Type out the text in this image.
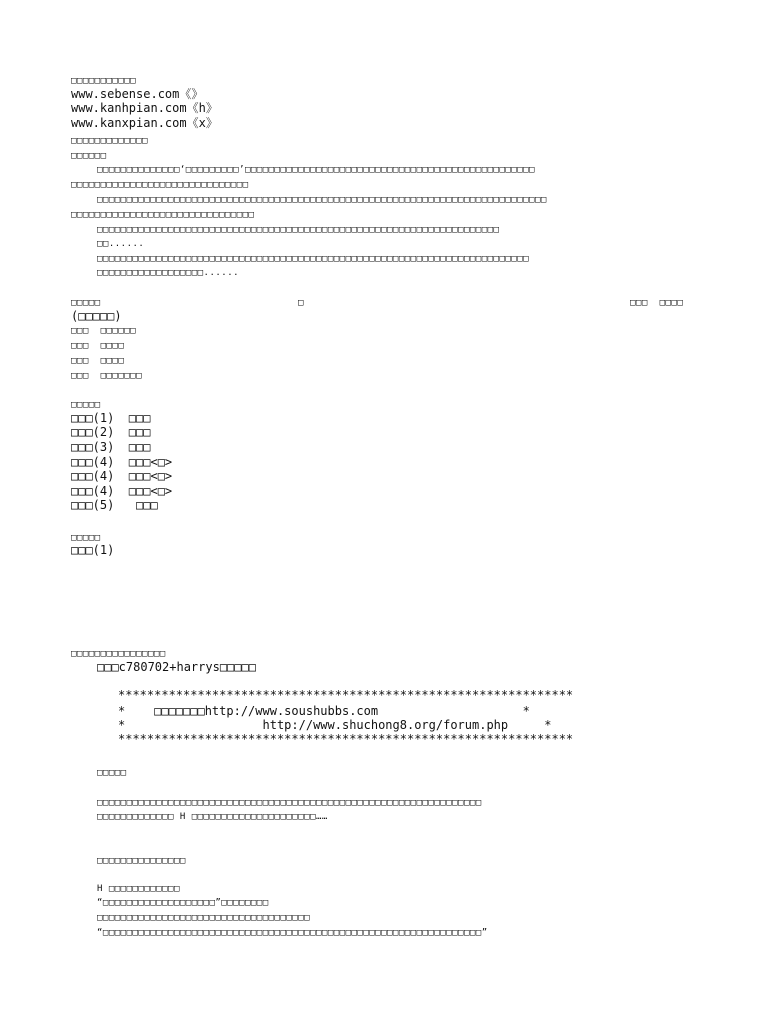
□□□□□□□□□□□
www.sebense.com《》
www.kanhpian.com《h》
www.kanxpian.com《x》
□□□□□□□□□□□□□
□□□□□□
□□□□□□□□□□□□□□‘□□□□□□□□□’□□□□□□□□□□□□□□□□□□□□□□□□□□□□□□□□□□□□□□□□□□□□□□□□□
□□□□□□□□□□□□□□□□□□□□□□□□□□□□□□
□□□□□□□□□□□□□□□□□□□□□□□□□□□□□□□□□□□□□□□□□□□□□□□□□□□□□□□□□□□□□□□□□□□□□□□□□□□□
□□□□□□□□□□□□□□□□□□□□□□□□□□□□□□□
□□□□□□□□□□□□□□□□□□□□□□□□□□□□□□□□□□□□□□□□□□□□□□□□□□□□□□□□□□□□□□□□□□□□
□□......
□□□□□□□□□□□□□□□□□□□□□□□□□□□□□□□□□□□□□□□□□□□□□□□□□□□□□□□□□□□□□□□□□□□□□□□□□
□□□□□□□□□□□□□□□□□□......
□□□□□	□	□□□  □□□□
(□□□□□)
□□□  □□□□□□
□□□  □□□□
□□□  □□□□
□□□  □□□□□□□
□□□□□
□□□(1)  □□□
□□□(2)  □□□
□□□(3)  □□□
□□□(4)  □□□<□>
□□□(4)  □□□<□>
□□□(4)  □□□<□>
□□□(5)   □□□
□□□□□
□□□(1)
□□□□□□□□□□□□□□□□
□□□c780702+harrys□□□□□
***************************************************************
*    □□□□□□□http://www.soushubbs.com                    *
*                   http://www.shuchong8.org/forum.php     *
***************************************************************
□□□□□
□□□□□□□□□□□□□□□□□□□□□□□□□□□□□□□□□□□□□□□□□□□□□□□□□□□□□□□□□□□□□□□□□
□□□□□□□□□□□□□ H □□□□□□□□□□□□□□□□□□□□□……
□□□□□□□□□□□□□□□
H □□□□□□□□□□□□
“□□□□□□□□□□□□□□□□□□□”□□□□□□□□
□□□□□□□□□□□□□□□□□□□□□□□□□□□□□□□□□□□□
“□□□□□□□□□□□□□□□□□□□□□□□□□□□□□□□□□□□□□□□□□□□□□□□□□□□□□□□□□□□□□□□□”
